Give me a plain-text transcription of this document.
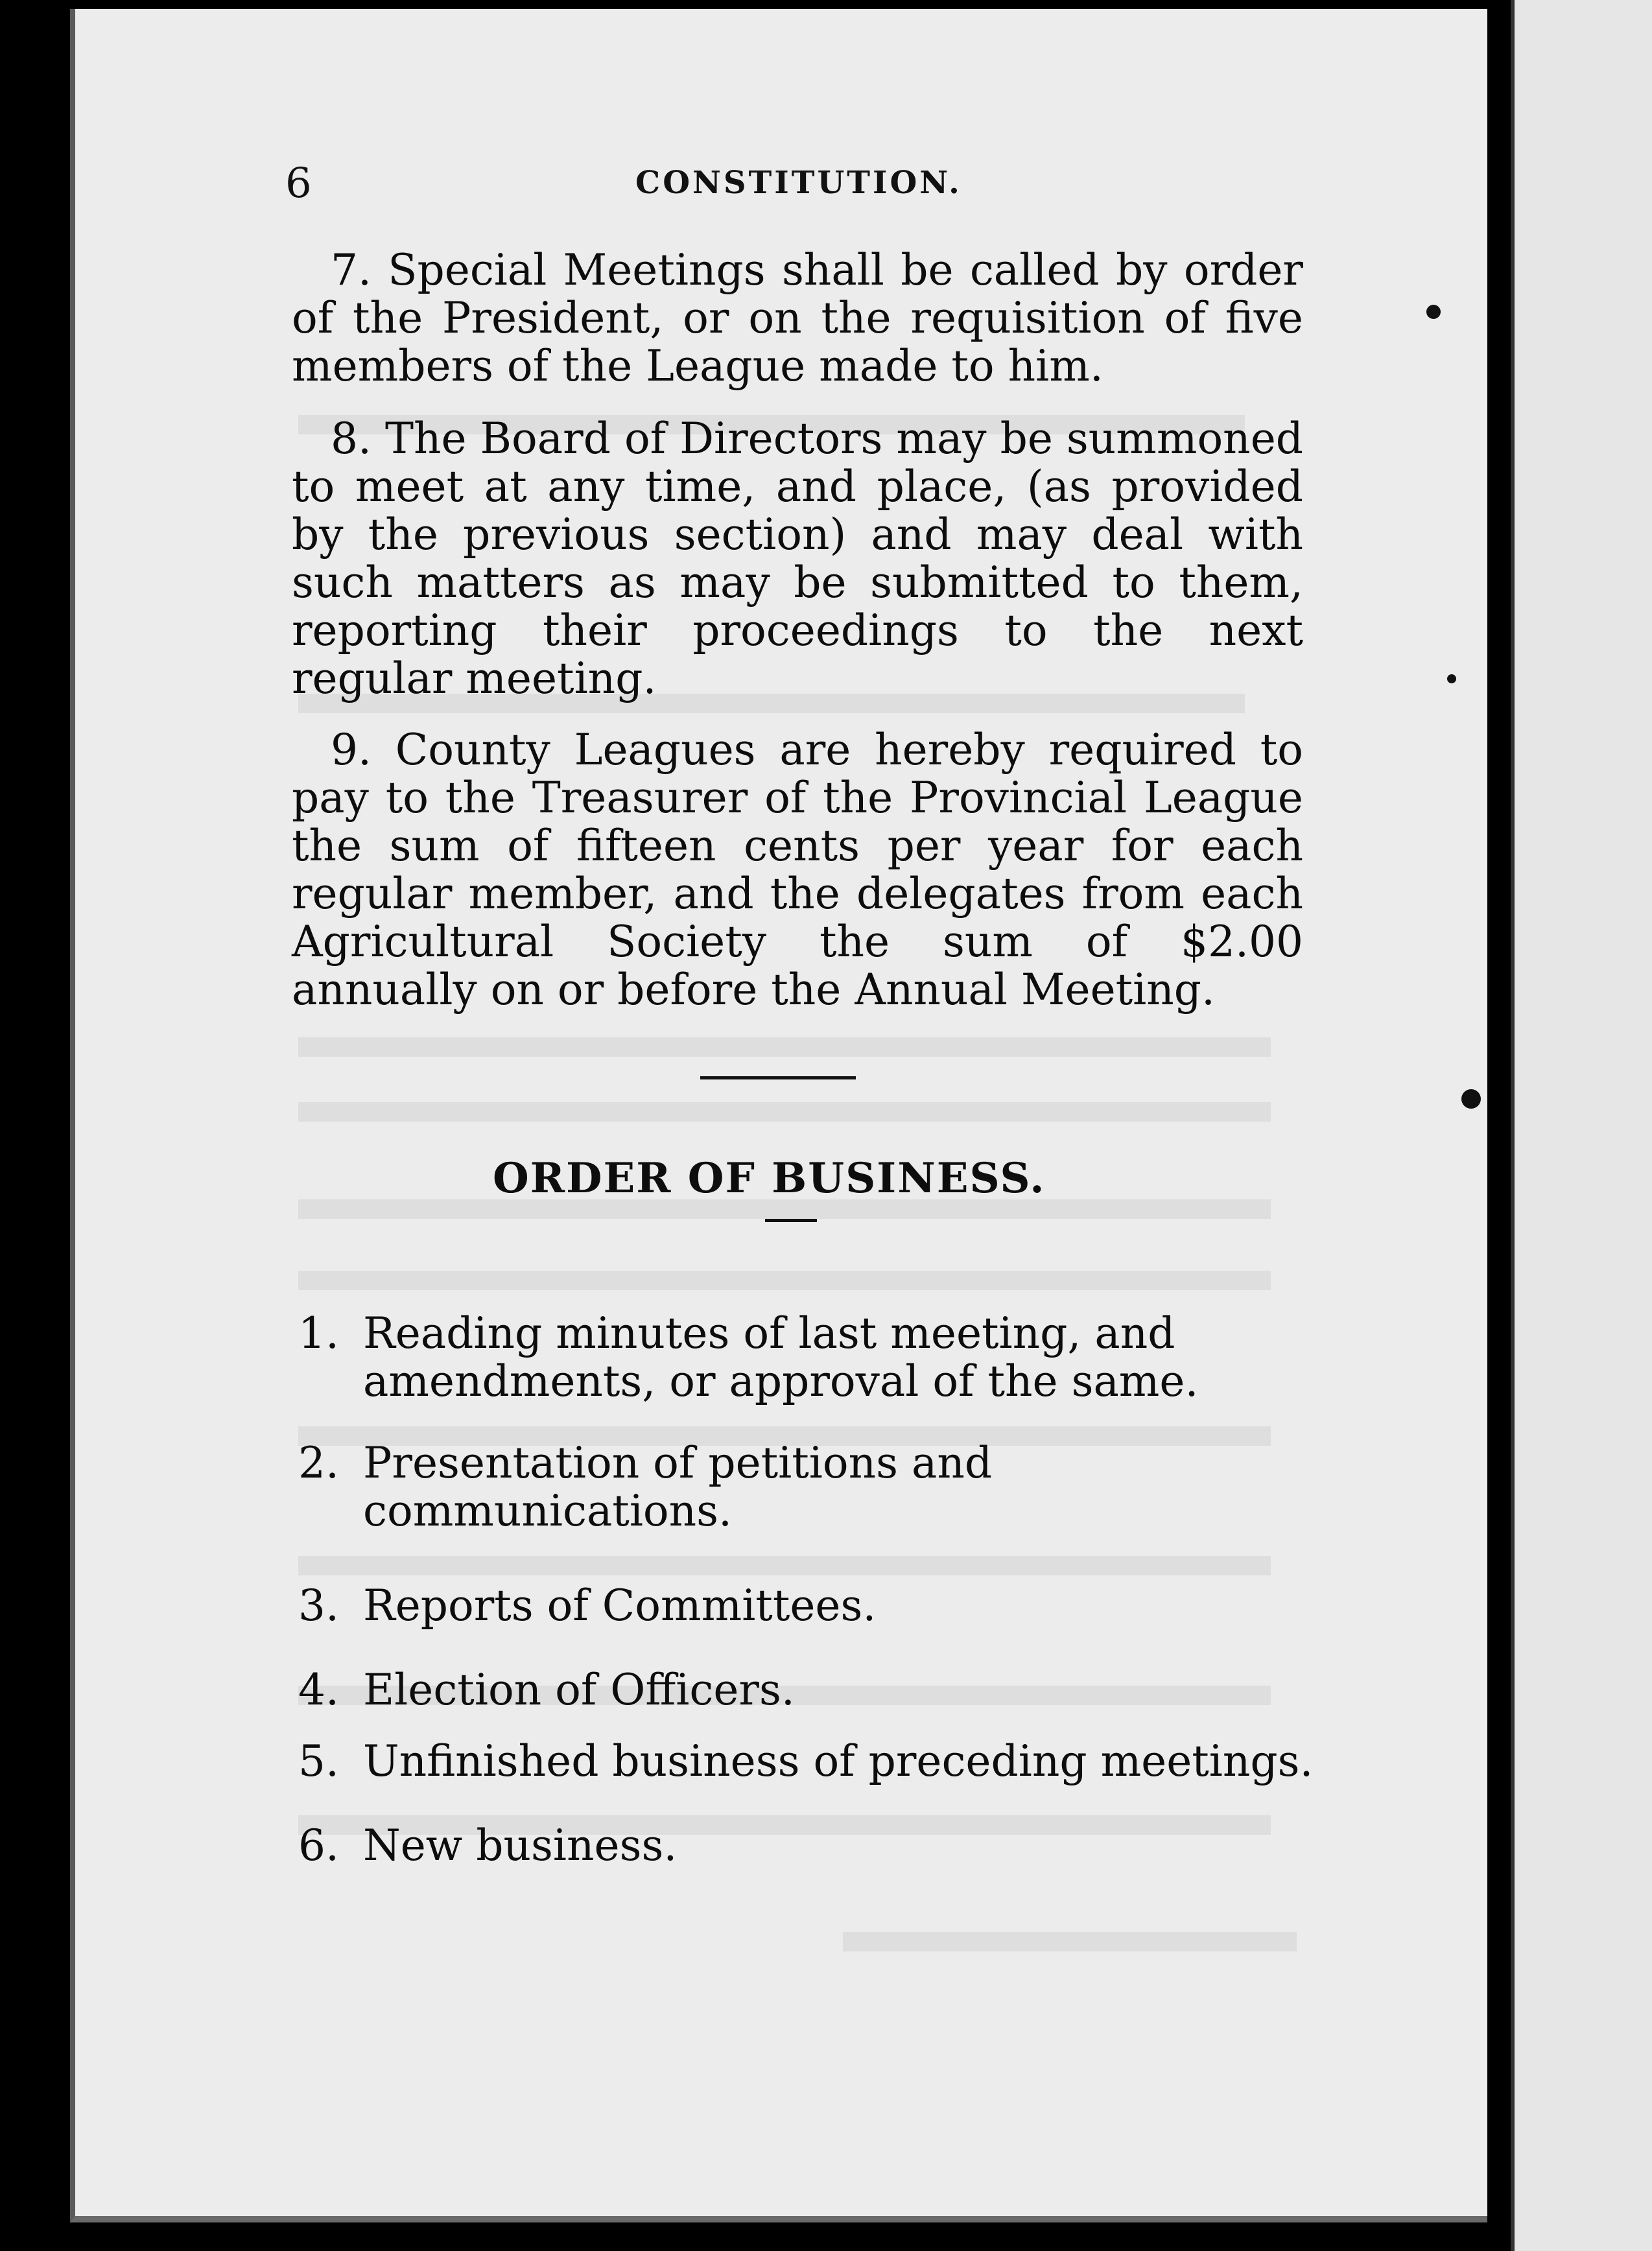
6	CONSTITUTION.

7. Special Meetings shall be called by order of the President, or on the requisition of five members of the League made to him.

8. The Board of Directors may be summoned to meet at any time, and place, (as provided by the previous section) and may deal with such matters as may be submitted to them, reporting their proceedings to the next regular meeting.

9. County Leagues are hereby required to pay to the Treasurer of the Provincial League the sum of fifteen cents per year for each regular member, and the delegates from each Agricultural Society the sum of $2.00 annually on or before the Annual Meeting.

ORDER OF BUSINESS.
1. Reading minutes of last meeting, and amendments, or approval of the same.
2. Presentation of petitions and communications.
3. Reports of Committees.
4. Election of Officers.
5. Unfinished business of preceding meetings.
6. New business.
